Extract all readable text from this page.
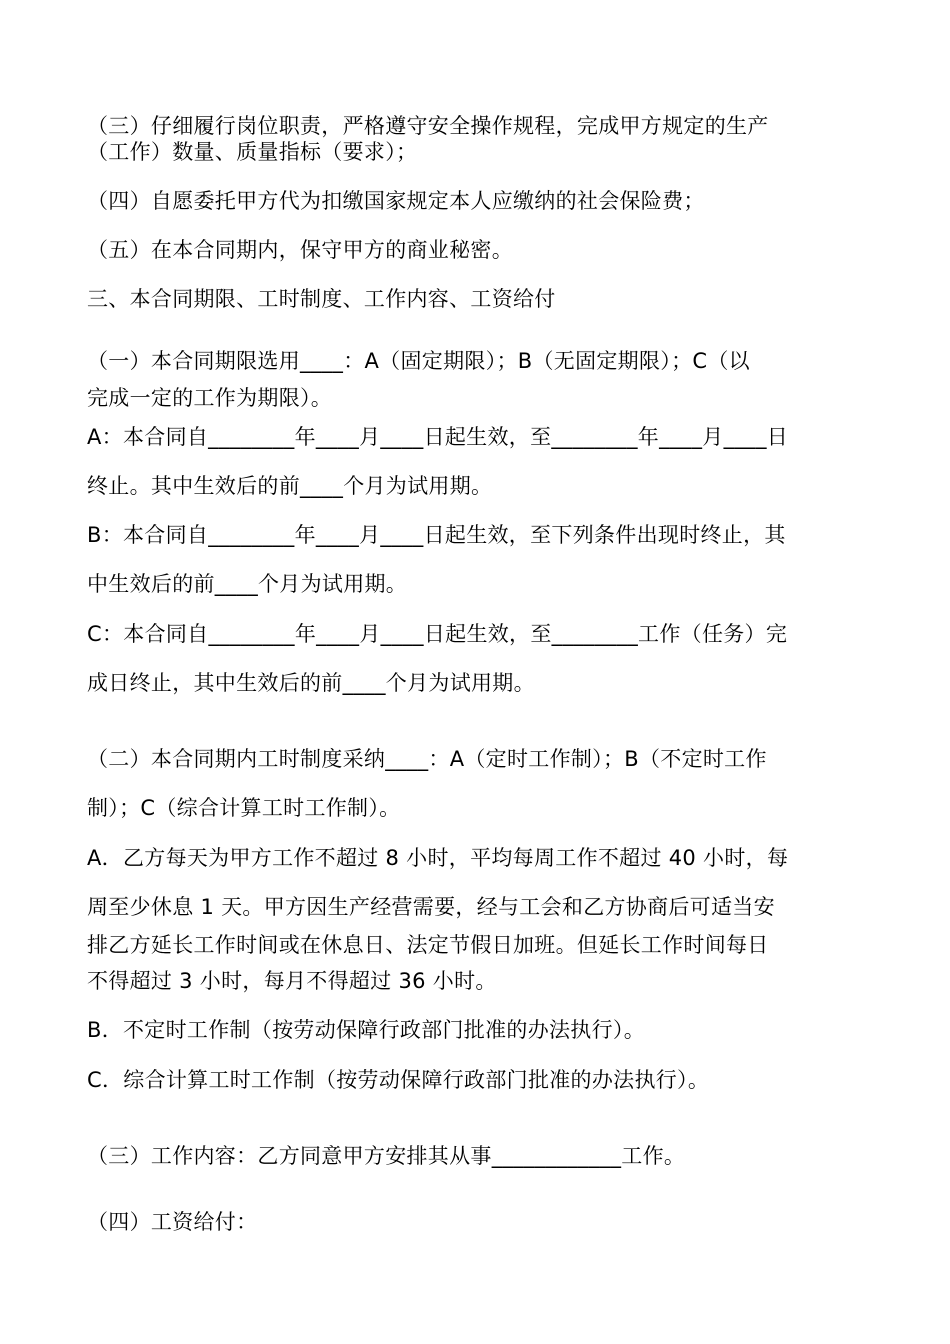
（三）仔细履行岗位职责，严格遵守安全操作规程，完成甲方规定的生产
（工作）数量、质量指标（要求）；
（四）自愿委托甲方代为扣缴国家规定本人应缴纳的社会保险费；
（五）在本合同期内，保守甲方的商业秘密。
三、本合同期限、工时制度、工作内容、工资给付
（一）本合同期限选用____：A（固定期限）；B（无固定期限）；C（以
完成一定的工作为期限）。
A：本合同自________年____月____日起生效，至________年____月____日
终止。其中生效后的前____个月为试用期。
B：本合同自________年____月____日起生效，至下列条件出现时终止，其
中生效后的前____个月为试用期。
C：本合同自________年____月____日起生效，至________工作（任务）完
成日终止，其中生效后的前____个月为试用期。
（二）本合同期内工时制度采纳____：A（定时工作制）；B（不定时工作
制）；C（综合计算工时工作制）。
A．乙方每天为甲方工作不超过 8 小时，平均每周工作不超过 40 小时，每
周至少休息 1 天。甲方因生产经营需要，经与工会和乙方协商后可适当安
排乙方延长工作时间或在休息日、法定节假日加班。但延长工作时间每日
不得超过 3 小时，每月不得超过 36 小时。
B．不定时工作制（按劳动保障行政部门批准的办法执行）。
C．综合计算工时工作制（按劳动保障行政部门批准的办法执行）。
（三）工作内容：乙方同意甲方安排其从事____________工作。
（四）工资给付：
